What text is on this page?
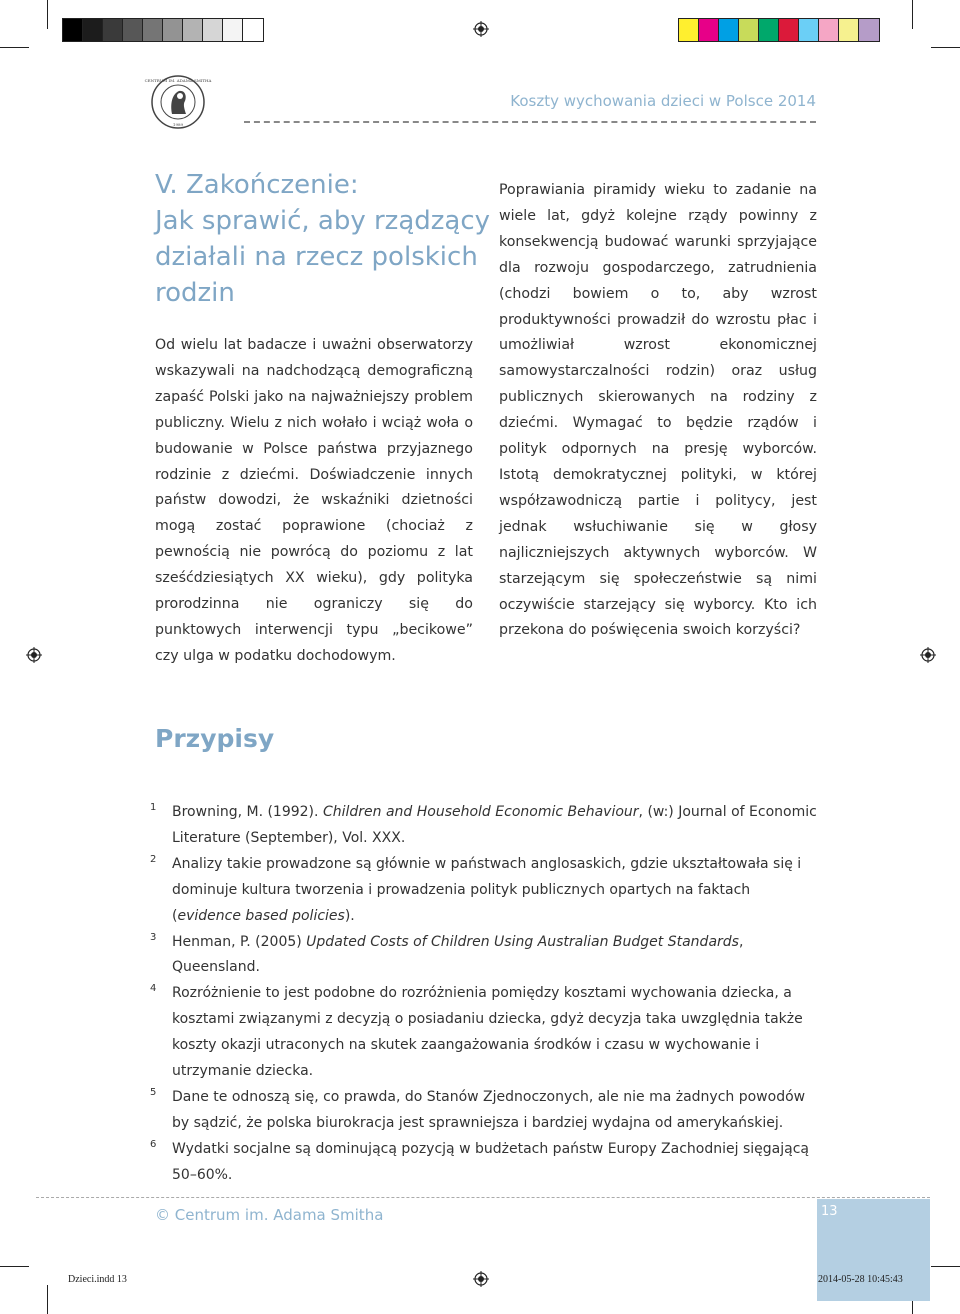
CENTRUM IM. ADAMA SMITHA
1989
Koszty wychowania dzieci w Polsce 2014
V. Zakończenie:
Jak sprawić, aby rządzący
działali na rzecz polskich
rodzin
Od wielu lat badacze i uważni obserwatorzy wskazywali na nadchodzącą demograficzną zapaść Polski jako na najważniejszy problem publiczny. Wielu z nich wołało i wciąż woła o budowanie w Polsce państwa przyjaznego rodzinie z dziećmi. Doświadczenie innych państw dowodzi, że wskaźniki dzietności mogą zostać poprawione (chociaż z pewnością nie powrócą do poziomu z lat sześćdziesiątych XX wieku), gdy polityka prorodzinna nie ograniczy się do punktowych interwencji typu „becikowe” czy ulga w podatku dochodowym.
Poprawiania piramidy wieku to zadanie na wiele lat, gdyż kolejne rządy powinny z konsekwencją budować warunki sprzyjające dla rozwoju gospodarczego, zatrudnienia (chodzi bowiem o to, aby wzrost produktywności prowadził do wzrostu płac i umożliwiał wzrost ekonomicznej samowystarczalności rodzin) oraz usług publicznych skierowanych na rodziny z dziećmi. Wymagać to będzie rządów i polityk odpornych na presję wyborców. Istotą demokratycznej polityki, w której współzawodniczą partie i politycy, jest jednak wsłuchiwanie się w głosy najliczniejszych aktywnych wyborców. W starzejącym się społeczeństwie są nimi oczywiście starzejący się wyborcy. Kto ich przekona do poświęcenia swoich korzyści?
Przypisy
1 Browning, M. (1992). Children and Household Economic Behaviour, (w:) Journal of Economic Literature (September), Vol. XXX.
2 Analizy takie prowadzone są głównie w państwach anglosaskich, gdzie ukształtowała się i dominuje kultura tworzenia i prowadzenia polityk publicznych opartych na faktach (evidence based policies).
3 Henman, P. (2005) Updated Costs of Children Using Australian Budget Standards, Queensland.
4 Rozróżnienie to jest podobne do rozróżnienia pomiędzy kosztami wychowania dziecka, a kosztami związanymi z decyzją o posiadaniu dziecka, gdyż decyzja taka uwzględnia także koszty okazji utraconych na skutek zaangażowania środków i czasu w wychowanie i utrzymanie dziecka.
5 Dane te odnoszą się, co prawda, do Stanów Zjednoczonych, ale nie ma żadnych powodów by sądzić, że polska biurokracja jest sprawniejsza i bardziej wydajna od amerykańskiej.
6 Wydatki socjalne są dominującą pozycją w budżetach państw Europy Zachodniej sięgającą 50–60%.
© Centrum im. Adama Smitha	13
Dzieci.indd 13	2014-05-28 10:45:43
